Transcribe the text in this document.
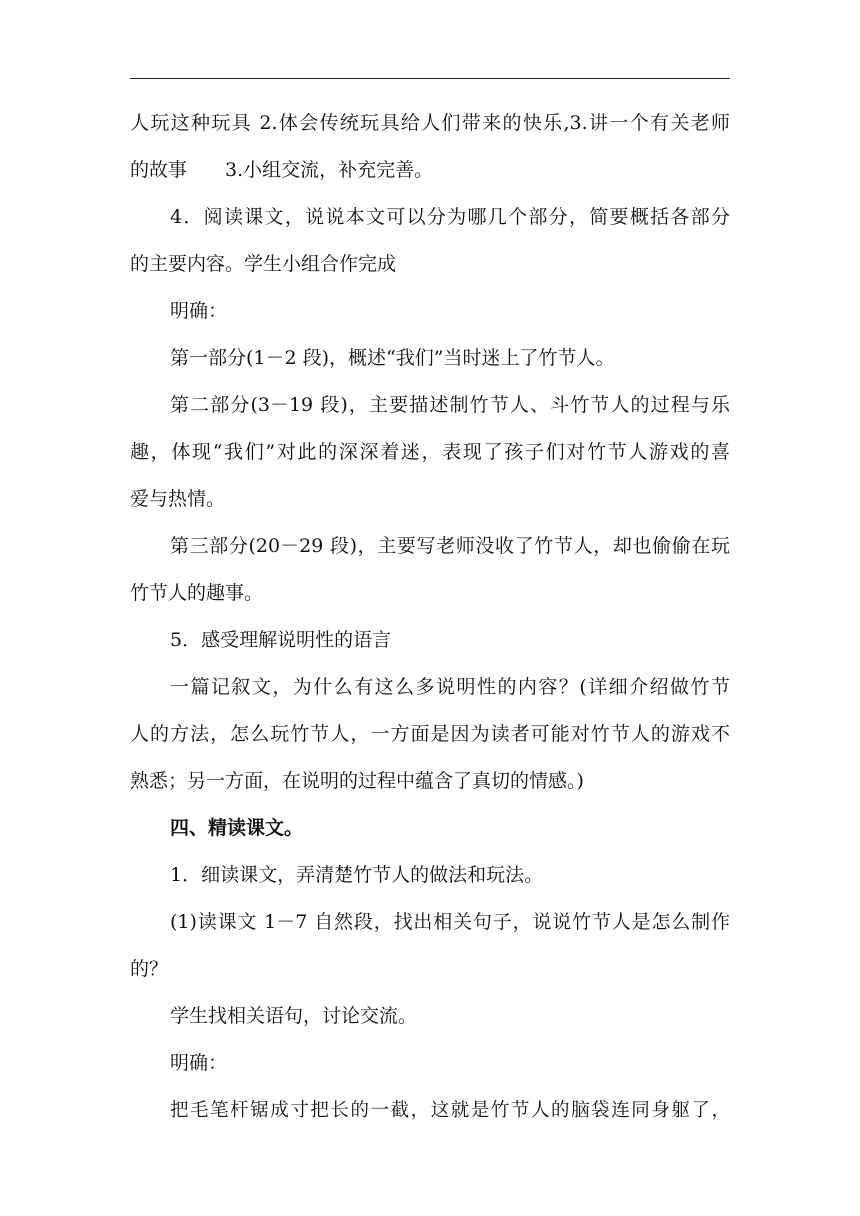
人玩这种玩具 2.体会传统玩具给人们带来的快乐,3.讲一个有关老师
的故事　　3.小组交流，补充完善。
4．阅读课文，说说本文可以分为哪几个部分，简要概括各部分
的主要内容。学生小组合作完成
明确：
第一部分(1－2 段)，概述“我们”当时迷上了竹节人。
第二部分(3－19 段)，主要描述制竹节人、斗竹节人的过程与乐
趣，体现“我们”对此的深深着迷，表现了孩子们对竹节人游戏的喜
爱与热情。
第三部分(20－29 段)，主要写老师没收了竹节人，却也偷偷在玩
竹节人的趣事。
5．感受理解说明性的语言
一篇记叙文，为什么有这么多说明性的内容？(详细介绍做竹节
人的方法，怎么玩竹节人，一方面是因为读者可能对竹节人的游戏不
熟悉；另一方面，在说明的过程中蕴含了真切的情感。)
四、精读课文。
1．细读课文，弄清楚竹节人的做法和玩法。
(1)读课文 1－7 自然段，找出相关句子，说说竹节人是怎么制作
的？
学生找相关语句，讨论交流。
明确：
把毛笔杆锯成寸把长的一截，这就是竹节人的脑袋连同身躯了，
